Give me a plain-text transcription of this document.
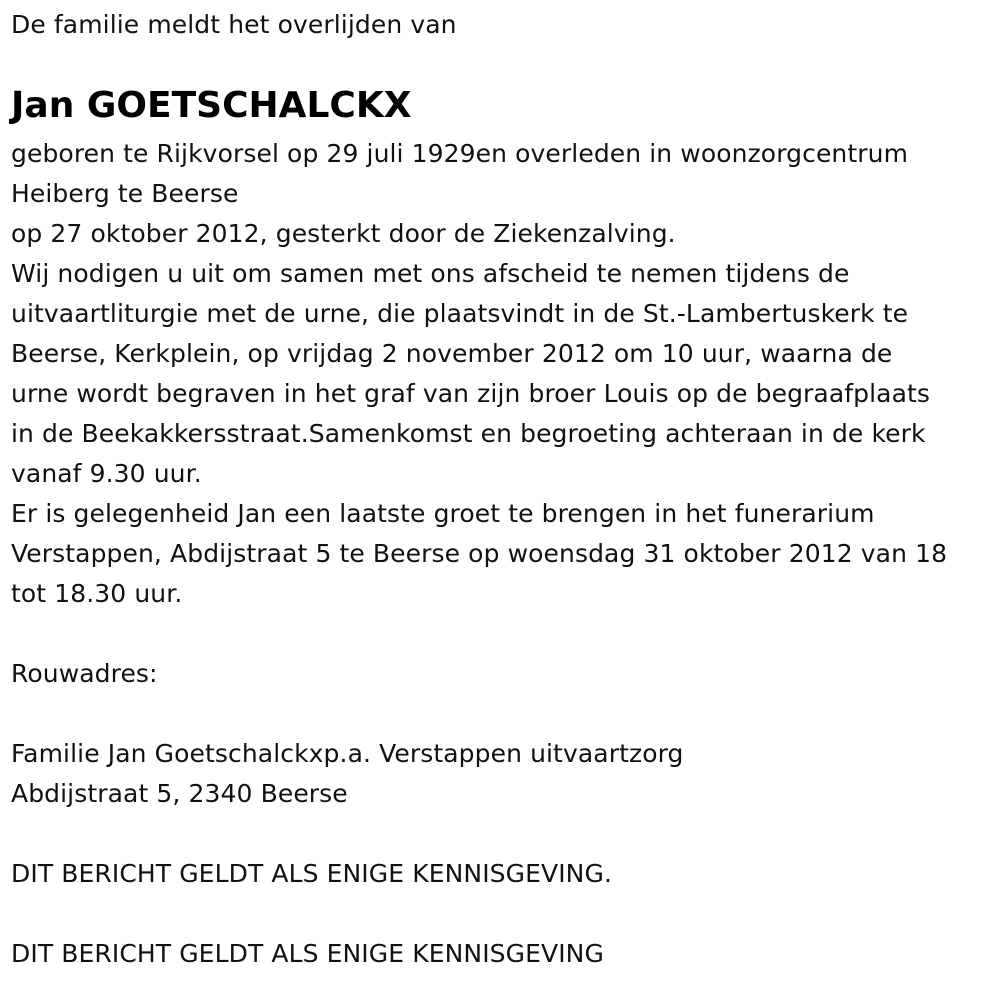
De familie meldt het overlijden van
Jan GOETSCHALCKX
geboren te Rijkvorsel op 29 juli 1929en overleden in woonzorgcentrum
Heiberg te Beerse
op 27 oktober 2012, gesterkt door de Ziekenzalving.
Wij nodigen u uit om samen met ons afscheid te nemen tijdens de
uitvaartliturgie met de urne, die plaatsvindt in de St.-Lambertuskerk te
Beerse, Kerkplein, op vrijdag 2 november 2012 om 10 uur, waarna de
urne wordt begraven in het graf van zijn broer Louis op de begraafplaats
in de Beekakkersstraat.Samenkomst en begroeting achteraan in de kerk
vanaf 9.30 uur.
Er is gelegenheid Jan een laatste groet te brengen in het funerarium
Verstappen, Abdijstraat 5 te Beerse op woensdag 31 oktober 2012 van 18
tot 18.30 uur.
Rouwadres:
Familie Jan Goetschalckxp.a. Verstappen uitvaartzorg
Abdijstraat 5, 2340 Beerse
DIT BERICHT GELDT ALS ENIGE KENNISGEVING.
DIT BERICHT GELDT ALS ENIGE KENNISGEVING
